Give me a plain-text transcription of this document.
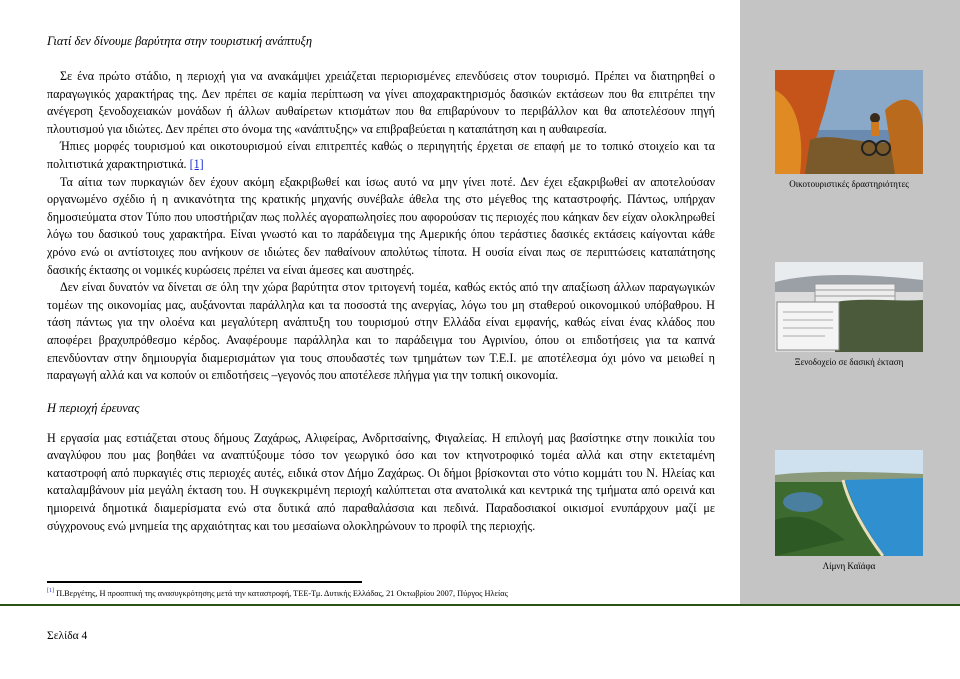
Γιατί δεν δίνουμε βαρύτητα στην τουριστική ανάπτυξη

Σε ένα πρώτο στάδιο, η περιοχή για να ανακάμψει χρειάζεται περιορισμένες επενδύσεις στον τουρισμό. Πρέπει να διατηρηθεί ο παραγωγικός χαρακτήρας της. Δεν πρέπει σε καμία περίπτωση να γίνει αποχαρακτηρισμός δασικών εκτάσεων που θα επιτρέπει την ανέγερση ξενοδοχειακών μονάδων ή άλλων αυθαίρετων κτισμάτων που θα επιβαρύνουν το περιβάλλον και θα αποτελέσουν πηγή πλουτισμού για ιδιώτες. Δεν πρέπει στο όνομα της «ανάπτυξης» να επιβραβεύεται η καταπάτηση και η αυθαιρεσία.

Ήπιες μορφές τουρισμού και οικοτουρισμού είναι επιτρεπτές καθώς ο περιηγητής έρχεται σε επαφή με το τοπικό στοιχείο και τα πολιτιστικά χαρακτηριστικά. [1]

Τα αίτια των πυρκαγιών δεν έχουν ακόμη εξακριβωθεί και ίσως αυτό να μην γίνει ποτέ. Δεν έχει εξακριβωθεί αν αποτελούσαν οργανωμένο σχέδιο ή η ανικανότητα της κρατικής μηχανής συνέβαλε άθελα της στο μέγεθος της καταστροφής. Πάντως, υπήρχαν δημοσιεύματα στον Τύπο που υποστήριζαν πως πολλές αγοραπωλησίες που αφορούσαν τις περιοχές που κάηκαν δεν είχαν ολοκληρωθεί λόγω του δασικού τους χαρακτήρα. Είναι γνωστό και το παράδειγμα της Αμερικής όπου τεράστιες δασικές εκτάσεις καίγονται κάθε χρόνο ενώ οι αντίστοιχες που ανήκουν σε ιδιώτες δεν παθαίνουν απολύτως τίποτα. Η ουσία είναι πως σε περιπτώσεις καταπάτησης δασικής έκτασης οι νομικές κυρώσεις πρέπει να είναι άμεσες και αυστηρές.

Δεν είναι δυνατόν να δίνεται σε όλη την χώρα βαρύτητα στον τριτογενή τομέα, καθώς εκτός από την απαξίωση άλλων παραγωγικών τομέων της οικονομίας μας, αυξάνονται παράλληλα και τα ποσοστά της ανεργίας, λόγω του μη σταθερού οικονομικού υπόβαθρου. Η τάση πάντως για την ολοένα και μεγαλύτερη ανάπτυξη του τουρισμού στην Ελλάδα είναι εμφανής, καθώς είναι ένας κλάδος που αποφέρει βραχυπρόθεσμο κέρδος. Αναφέρουμε παράλληλα και το παράδειγμα του Αγρινίου, όπου οι επιδοτήσεις για τα καπνά επενδύονταν στην δημιουργία διαμερισμάτων για τους σπουδαστές των τμημάτων των Τ.Ε.Ι. με αποτέλεσμα όχι μόνο να μειωθεί η παραγωγή αλλά και να κοπούν οι επιδοτήσεις –γεγονός που αποτέλεσε πλήγμα για την τοπική οικονομία.

Η περιοχή έρευνας

Η εργασία μας εστιάζεται στους δήμους Ζαχάρως, Αλιφείρας, Ανδριτσαίνης, Φιγαλείας. Η επιλογή μας βασίστηκε στην ποικιλία του αναγλύφου που μας βοηθάει να αναπτύξουμε τόσο τον γεωργικό όσο και τον κτηνοτροφικό τομέα αλλά και στην εκτεταμένη καταστροφή από πυρκαγιές στις περιοχές αυτές, ειδικά στον Δήμο Ζαχάρως. Οι δήμοι βρίσκονται στο νότιο κομμάτι του Ν. Ηλείας και καταλαμβάνουν μία μεγάλη έκταση του. Η συγκεκριμένη περιοχή καλύπτεται στα ανατολικά και κεντρικά της τμήματα από ορεινά και ημιορεινά δημοτικά διαμερίσματα ενώ στα δυτικά από παραθαλάσσια και πεδινά. Παραδοσιακοί οικισμοί ενυπάρχουν μαζί με σύγχρονους ενώ μνημεία της αρχαιότητας και του μεσαίωνα ολοκληρώνουν το προφίλ της περιοχής.

[1] Π.Βεργέτης, Η προοπτική της ανασυγκρότησης μετά την καταστροφή, ΤΕΕ-Τμ. Δυτικής Ελλάδας, 21 Οκτωβρίου 2007, Πύργος Ηλείας
Σελίδα 4
Οικοτουριστικές δραστηριότητες
Ξενοδοχείο σε δασική έκταση
Λίμνη Καϊάφα
